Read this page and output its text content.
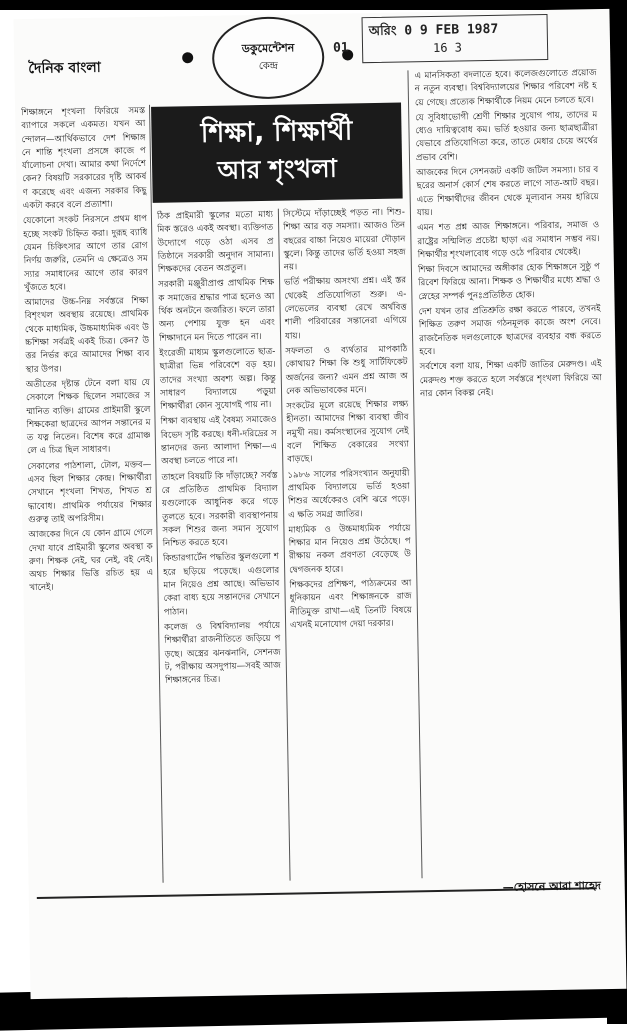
দৈনিক বাংলা
ডকুমেন্টেশন
কেন্দ্র
01
অরিং 0 9 FEB 1987
16 3
শিক্ষা, শিক্ষার্থী
আর শৃংখলা

শিক্ষাঙ্গনে শৃংখলা ফিরিয়ে সমস্ত ব্যাপারে সকলে একমত। যখন আন্দোলন—আর্থিকভাবে দেশ শিক্ষাঙ্গনে শান্তি শৃংখলা প্রসঙ্গে কাজে পর্যালোচনা দেখা। আমার কথা নির্দেশে কেন? বিষয়টি সরকারের দৃষ্টি আকর্ষণ করেছে এবং এজন্য সরকার কিছু একটা করবে বলে প্রত্যাশা।

যেকোনো সংকট নিরসনে প্রথম ধাপ হচ্ছে সংকট চিহ্নিত করা। দুরূহ ব্যাধি যেমন চিকিৎসার আগে তার রোগ নির্ণয় জরুরি, তেমনি এ ক্ষেত্রেও সমস্যার সমাধানের আগে তার কারণ খুঁজতে হবে।

আমাদের উচ্চ-নিম্ন সর্বস্তরে শিক্ষা বিশৃংখল অবস্থায় রয়েছে। প্রাথমিক থেকে মাধ্যমিক, উচ্চমাধ্যমিক এবং উচ্চশিক্ষা সর্বত্রই একই চিত্র। কেন? উত্তর নির্ভর করে আমাদের শিক্ষা ব্যবস্থার উপর।

অতীতের দৃষ্টান্ত টেনে বলা যায় যে সেকালে শিক্ষক ছিলেন সমাজের সম্মানিত ব্যক্তি। গ্রামের প্রাইমারী স্কুলে শিক্ষকেরা ছাত্রদের আপন সন্তানের মত যত্ন নিতেন। বিশেষ করে গ্রামাঞ্চলে এ চিত্র ছিল সাধারণ।

সেকালের পাঠশালা, টোল, মক্তব—এসব ছিল শিক্ষার কেন্দ্র। শিক্ষার্থীরা সেখানে শৃংখলা শিখত, শিখত শ্রদ্ধাবোধ। প্রাথমিক পর্যায়ের শিক্ষার গুরুত্ব তাই অপরিসীম।

আজকের দিনে যে কোন গ্রামে গেলে দেখা যাবে প্রাইমারী স্কুলের অবস্থা করুণ। শিক্ষক নেই, ঘর নেই, বই নেই। অথচ শিক্ষার ভিত্তি রচিত হয় এখানেই।

ঠিক প্রাইমারী স্কুলের মতো মাধ্যমিক স্তরেও একই অবস্থা। ব্যক্তিগত উদ্যোগে গড়ে ওঠা এসব প্রতিষ্ঠানে সরকারী অনুদান সামান্য। শিক্ষকদের বেতন অপ্রতুল।

সরকারী মঞ্জুরীপ্রাপ্ত প্রাথমিক শিক্ষক সমাজের শ্রদ্ধার পাত্র হলেও আর্থিক অনটনে জর্জরিত। ফলে তারা অন্য পেশায় যুক্ত হন এবং শিক্ষাদানে মন দিতে পারেন না।

ইংরেজী মাধ্যম স্কুলগুলোতে ছাত্র-ছাত্রীরা ভিন্ন পরিবেশে বড় হয়। তাদের সংখ্যা অবশ্য অল্প। কিন্তু সাধারণ বিদ্যালয়ে পড়ুয়া শিক্ষার্থীরা কোন সুযোগই পায় না।

শিক্ষা ব্যবস্থায় এই বৈষম্য সমাজেও বিভেদ সৃষ্টি করছে। ধনী-দরিদ্রের সন্তানদের জন্য আলাদা শিক্ষা—এ অবস্থা চলতে পারে না।

তাহলে বিষয়টি কি দাঁড়াচ্ছে? সর্বস্তরে প্রতিষ্ঠিত প্রাথমিক বিদ্যালয়গুলোকে আধুনিক করে গড়ে তুলতে হবে। সরকারী ব্যবস্থাপনায় সকল শিশুর জন্য সমান সুযোগ নিশ্চিত করতে হবে।

কিন্ডারগার্টেন পদ্ধতির স্কুলগুলো শহরে ছড়িয়ে পড়েছে। এগুলোর মান নিয়েও প্রশ্ন আছে। অভিভাবকেরা বাধ্য হয়ে সন্তানদের সেখানে পাঠান।

কলেজ ও বিশ্ববিদ্যালয় পর্যায়ে শিক্ষার্থীরা রাজনীতিতে জড়িয়ে পড়ছে। অস্ত্রের ঝনঝনানি, সেশনজট, পরীক্ষায় অসদুপায়—সবই আজ শিক্ষাঙ্গনের চিত্র।

সিস্টেমে দাঁড়াচ্ছেই পড়ত না। শিশু-শিক্ষা আর বড় সমস্যা। আজও তিন বছরের বাচ্চা নিয়েও মায়েরা দৌড়ান স্কুলে। কিন্তু তাদের ভর্তি হওয়া সহজ নয়।

ভর্তি পরীক্ষায় অসংখ্য প্রশ্ন। এই স্তর থেকেই প্রতিযোগিতা শুরু। এ-লেভেলের ব্যবস্থা রেখে অর্থবিত্তশালী পরিবারের সন্তানেরা এগিয়ে যায়।

সফলতা ও ব্যর্থতার মাপকাঠি কোথায়? শিক্ষা কি শুধু সার্টিফিকেট অর্জনের জন্য? এমন প্রশ্ন আজ অনেক অভিভাবকের মনে।

সংকটের মূলে রয়েছে শিক্ষার লক্ষ্যহীনতা। আমাদের শিক্ষা ব্যবস্থা জীবনমুখী নয়। কর্মসংস্থানের সুযোগ নেই বলে শিক্ষিত বেকারের সংখ্যা বাড়ছে।

১৯৮৬ সালের পরিসংখ্যান অনুযায়ী প্রাথমিক বিদ্যালয়ে ভর্তি হওয়া শিশুর অর্ধেকেরও বেশি ঝরে পড়ে। এ ক্ষতি সমগ্র জাতির।

মাধ্যমিক ও উচ্চমাধ্যমিক পর্যায়ে শিক্ষার মান নিয়েও প্রশ্ন উঠেছে। পরীক্ষায় নকল প্রবণতা বেড়েছে উদ্বেগজনক হারে।

শিক্ষকদের প্রশিক্ষণ, পাঠ্যক্রমের আধুনিকায়ন এবং শিক্ষাঙ্গনকে রাজনীতিমুক্ত রাখা—এই তিনটি বিষয়ে এখনই মনোযোগ দেয়া দরকার।

এ মানসিকতা বদলাতে হবে। কলেজগুলোতে প্রয়োজন নতুন ব্যবস্থা। বিশ্ববিদ্যালয়ের শিক্ষার পরিবেশ নষ্ট হয়ে গেছে। প্রত্যেক শিক্ষার্থীকে নিয়ম মেনে চলতে হবে।

যে সুবিধাভোগী শ্রেণী শিক্ষার সুযোগ পায়, তাদের মধ্যেও দায়িত্ববোধ কম। ভর্তি হওয়ার জন্য ছাত্রছাত্রীরা যেভাবে প্রতিযোগিতা করে, তাতে মেধার চেয়ে অর্থের প্রভাব বেশি।

আজকের দিনে সেশনজট একটি জটিল সমস্যা। চার বছরের অনার্স কোর্স শেষ করতে লাগে সাত-আট বছর। এতে শিক্ষার্থীদের জীবন থেকে মূল্যবান সময় হারিয়ে যায়।

এমন শত প্রশ্ন আজ শিক্ষাঙ্গনে। পরিবার, সমাজ ও রাষ্ট্রের সম্মিলিত প্রচেষ্টা ছাড়া এর সমাধান সম্ভব নয়। শিক্ষার্থীর শৃংখলাবোধ গড়ে ওঠে পরিবার থেকেই।

শিক্ষা দিবসে আমাদের অঙ্গীকার হোক শিক্ষাঙ্গনে সুষ্ঠু পরিবেশ ফিরিয়ে আনা। শিক্ষক ও শিক্ষার্থীর মধ্যে শ্রদ্ধা ও স্নেহের সম্পর্ক পুনঃপ্রতিষ্ঠিত হোক।

দেশ যখন তার প্রতিশ্রুতি রক্ষা করতে পারবে, তখনই শিক্ষিত তরুণ সমাজ গঠনমূলক কাজে অংশ নেবে। রাজনৈতিক দলগুলোকে ছাত্রদের ব্যবহার বন্ধ করতে হবে।

সর্বশেষে বলা যায়, শিক্ষা একটি জাতির মেরুদণ্ড। এই মেরুদণ্ড শক্ত করতে হলে সর্বস্তরে শৃংখলা ফিরিয়ে আনার কোন বিকল্প নেই।

—হোসনে আরা শাহেদ
